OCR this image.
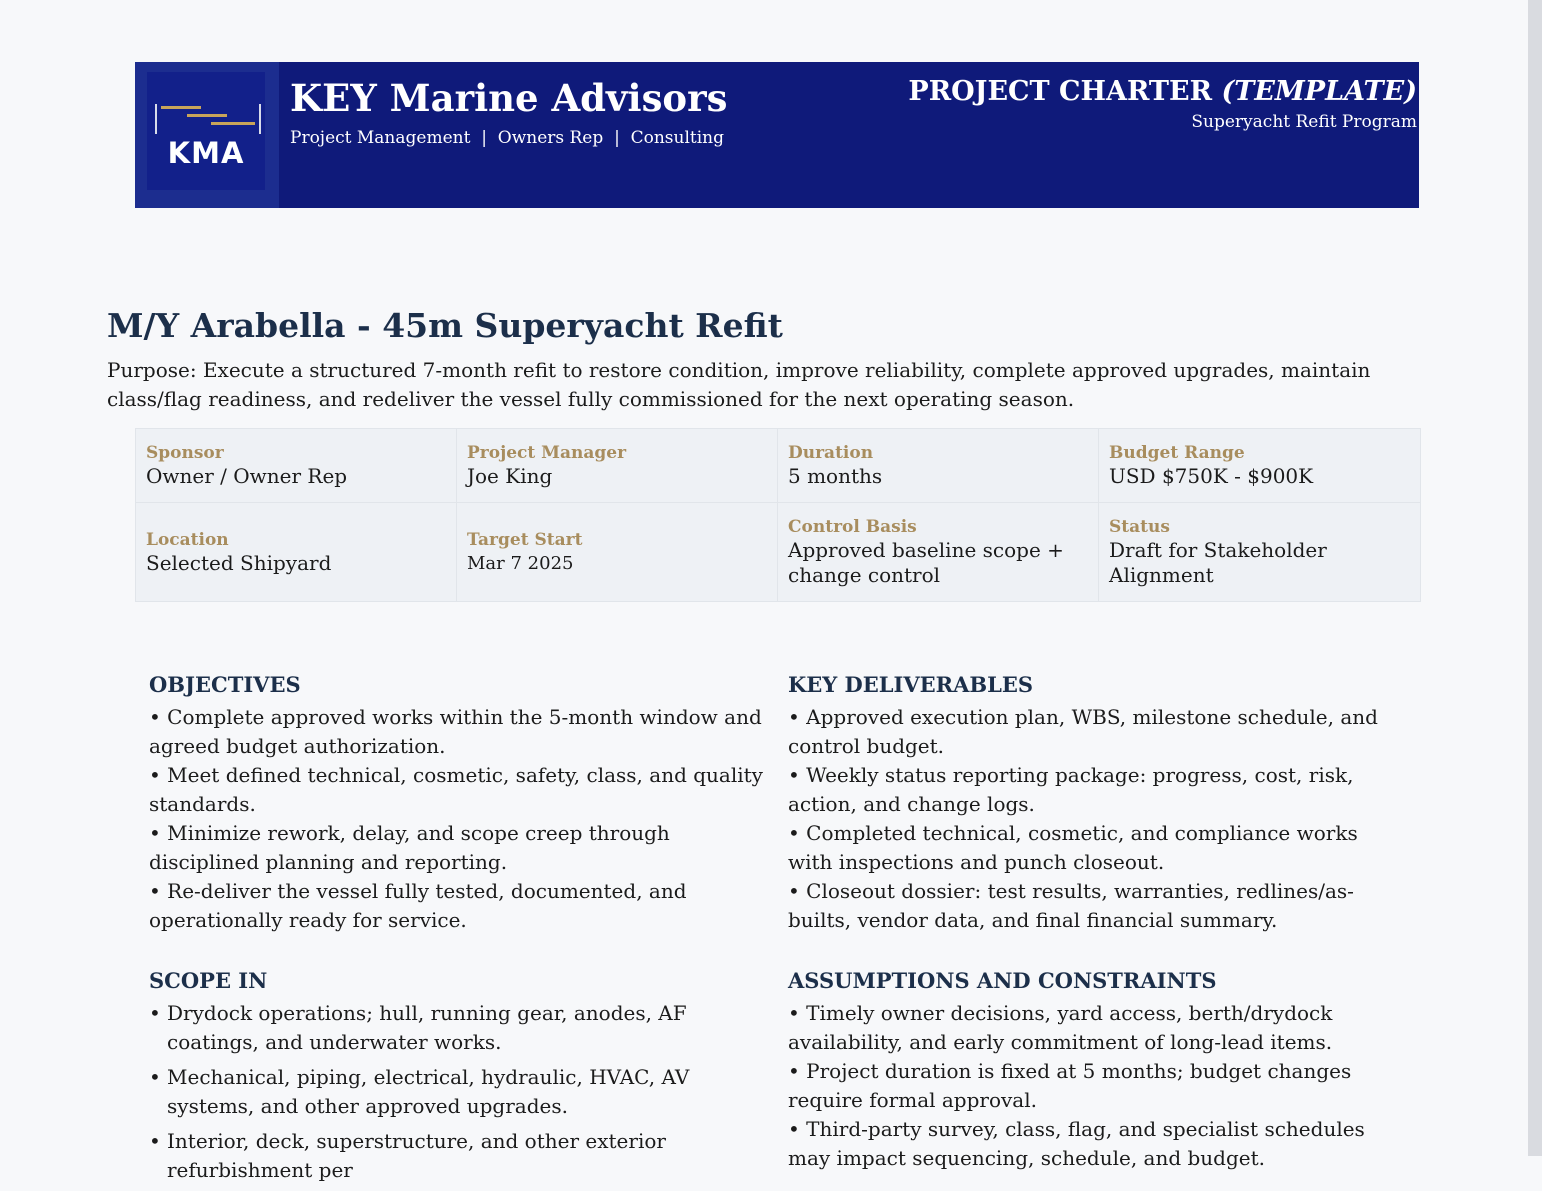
KMA
KEY Marine Advisors
Project Management  |  Owners Rep  |  Consulting
PROJECT CHARTER (TEMPLATE)
Superyacht Refit Program
M/Y Arabella - 45m Superyacht Refit
Purpose: Execute a structured 7-month refit to restore condition, improve reliability, complete approved upgrades, maintain class/flag readiness, and redeliver the vessel fully commissioned for the next operating season.
Sponsor
Owner / Owner Rep
Project Manager
Joe King
Duration
5 months
Budget Range
USD $750K - $900K
Location
Selected Shipyard
Target Start
Mar 7 2025
Control Basis
Approved baseline scope + change control
Status
Draft for Stakeholder Alignment
OBJECTIVES
• Complete approved works within the 5-month window and agreed budget authorization.
• Meet defined technical, cosmetic, safety, class, and quality standards.
• Minimize rework, delay, and scope creep through disciplined planning and reporting.
• Re-deliver the vessel fully tested, documented, and operationally ready for service.
KEY DELIVERABLES
• Approved execution plan, WBS, milestone schedule, and control budget.
• Weekly status reporting package: progress, cost, risk, action, and change logs.
• Completed technical, cosmetic, and compliance works with inspections and punch closeout.
• Closeout dossier: test results, warranties, redlines/as-builts, vendor data, and final financial summary.
SCOPE IN
• Drydock operations; hull, running gear, anodes, AF coatings, and underwater works.
• Mechanical, piping, electrical, hydraulic, HVAC, AV systems, and other approved upgrades.
• Interior, deck, superstructure, and other exterior refurbishment per
ASSUMPTIONS AND CONSTRAINTS
• Timely owner decisions, yard access, berth/drydock availability, and early commitment of long-lead items.
• Project duration is fixed at 5 months; budget changes require formal approval.
• Third-party survey, class, flag, and specialist schedules may impact sequencing, schedule, and budget.
